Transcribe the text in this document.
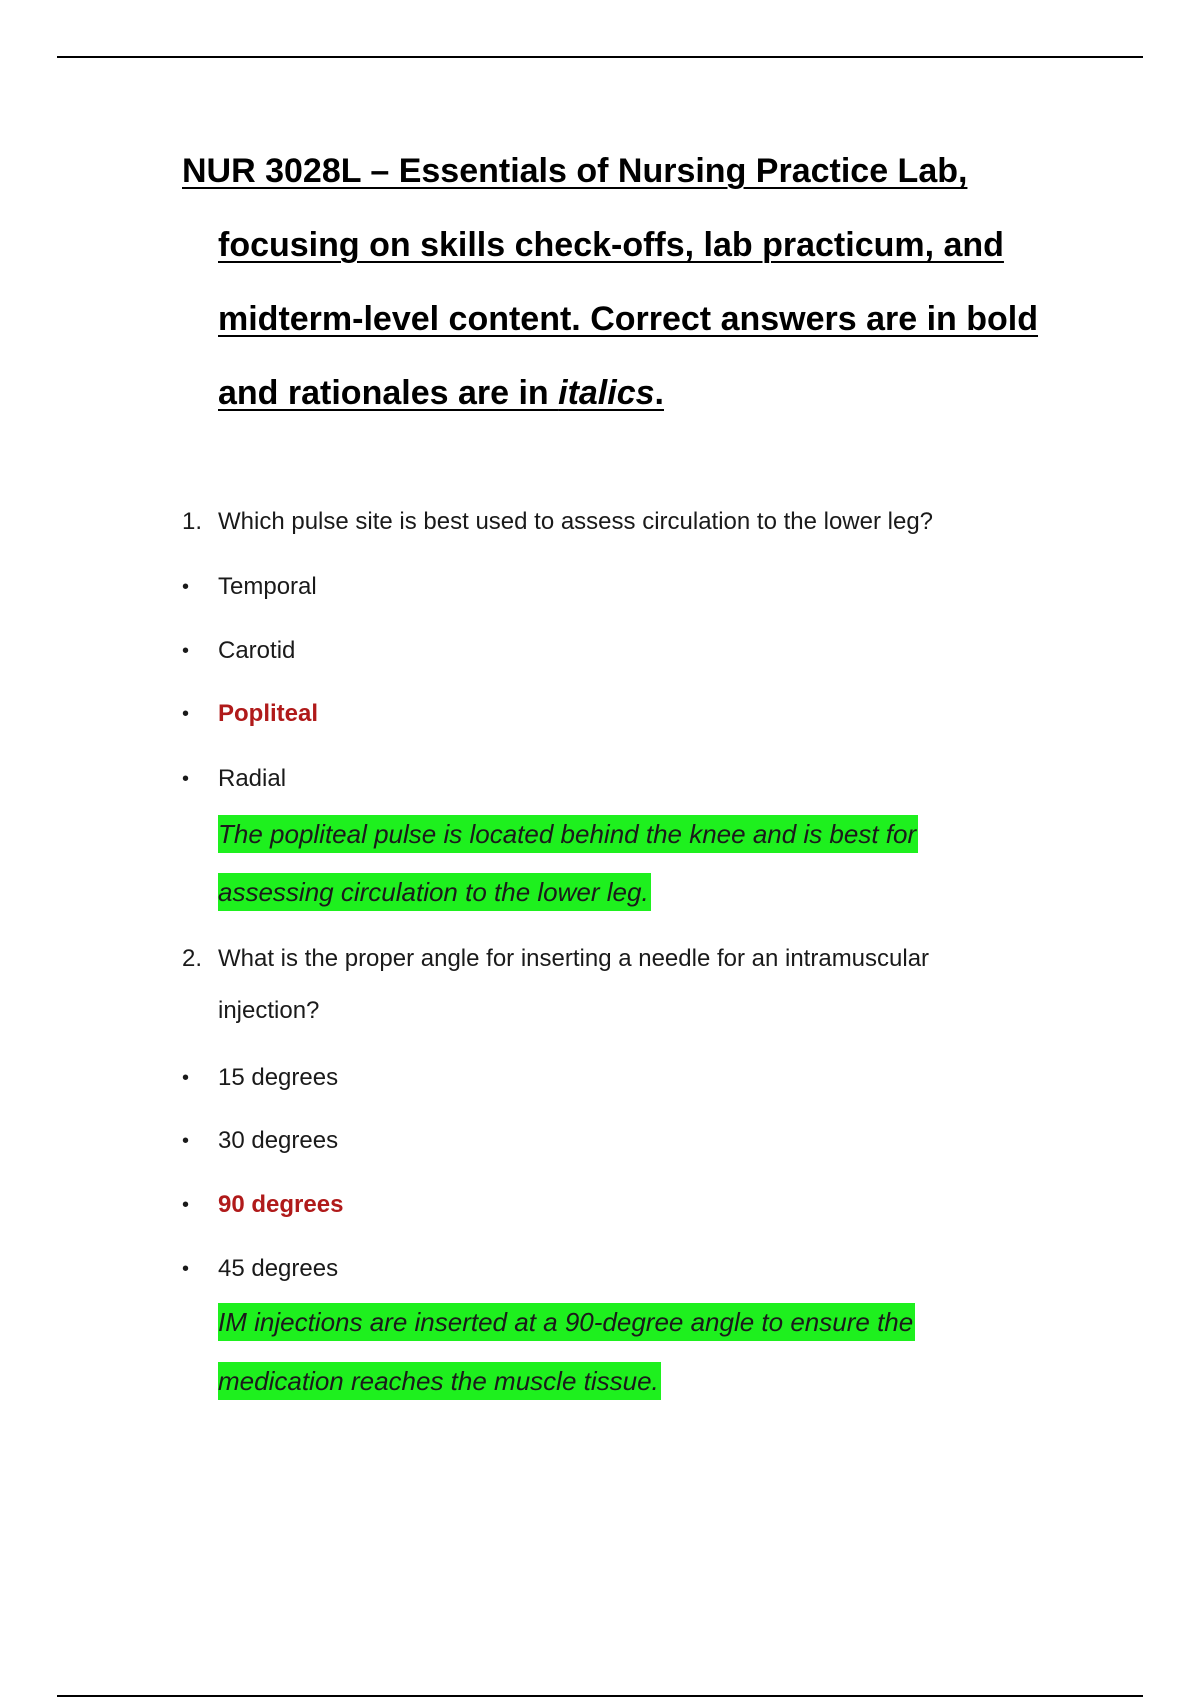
NUR 3028L – Essentials of Nursing Practice Lab,
focusing on skills check-offs, lab practicum, and
midterm-level content. Correct answers are in bold
and rationales are in italics.
1. Which pulse site is best used to assess circulation to the lower leg?
• Temporal
• Carotid
• Popliteal
• Radial
The popliteal pulse is located behind the knee and is best for
assessing circulation to the lower leg.
2. What is the proper angle for inserting a needle for an intramuscular
injection?
• 15 degrees
• 30 degrees
• 90 degrees
• 45 degrees
IM injections are inserted at a 90-degree angle to ensure the
medication reaches the muscle tissue.
